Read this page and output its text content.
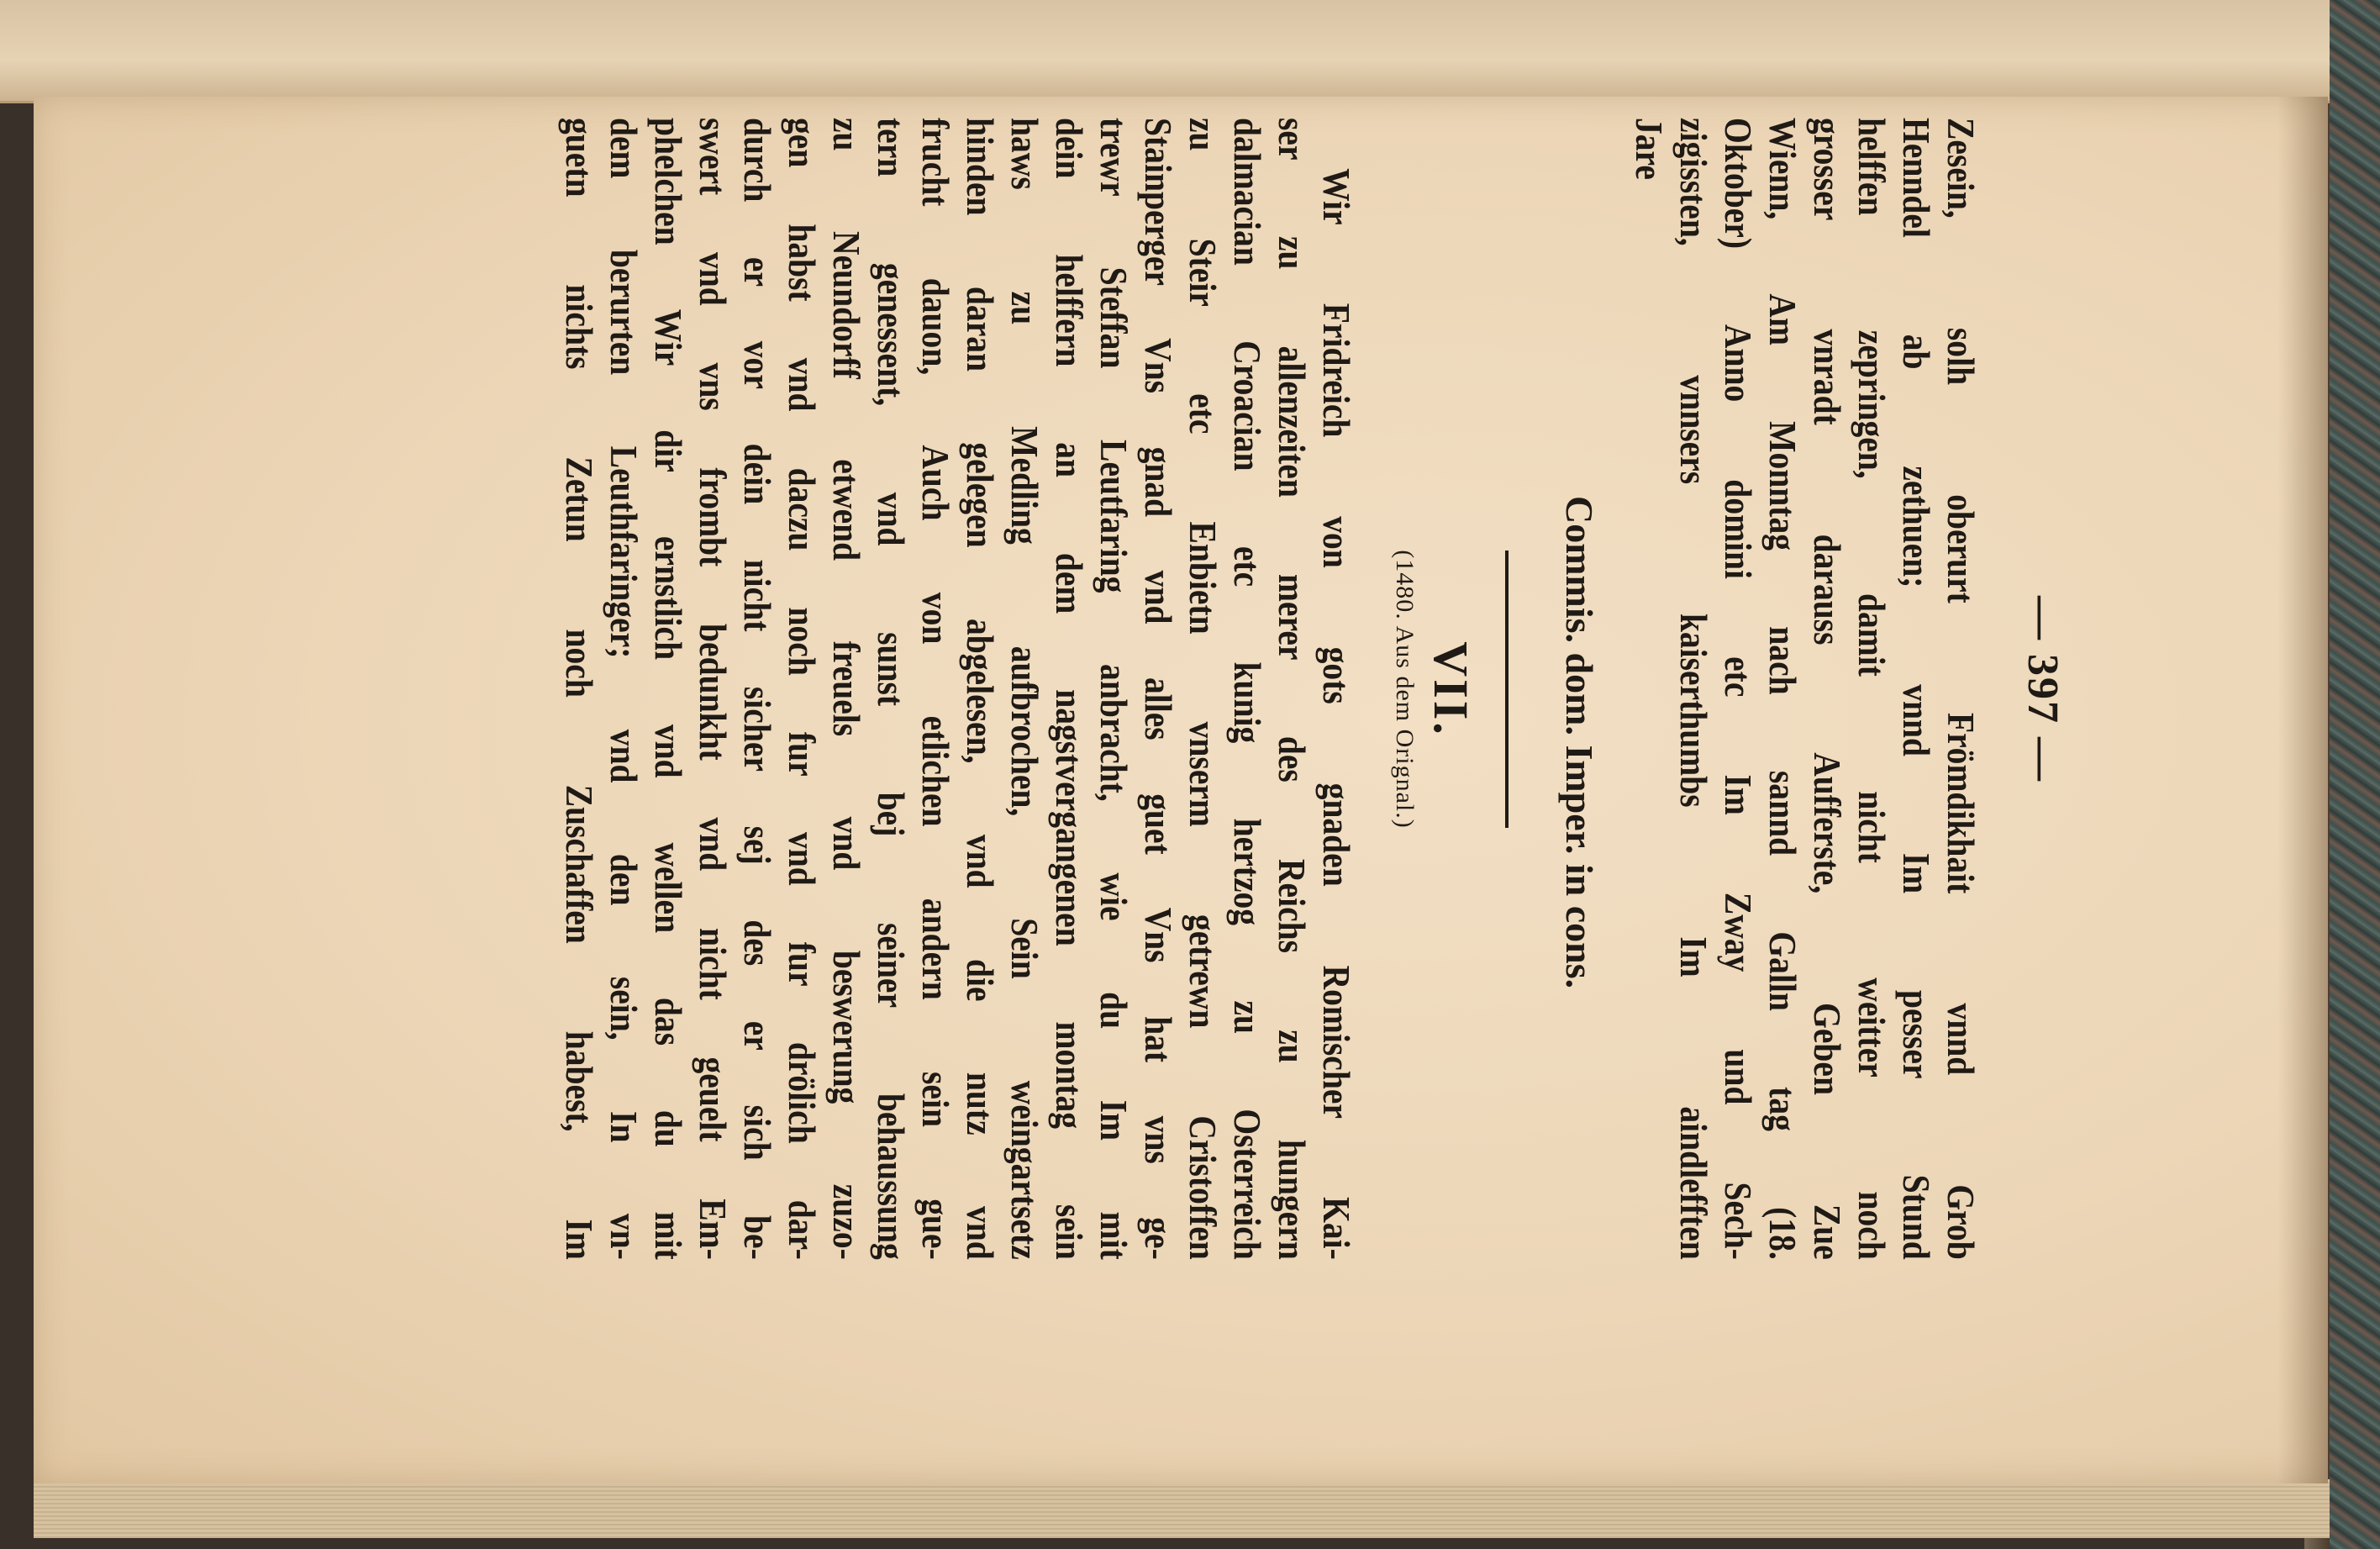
— 397 —
Zesein, solh oberurt Frömdikhait vnnd Grob
Henndel ab zethuen; vnnd Im pesser Stund
helffen zepringen, damit nicht weitter noch
grosser vnradt darauss Aufferste, Geben Zue
Wienn, Am Monntag nach sannd Galln tag (18.
Oktober) Anno domini etc Im Zway und Sech-
zigissten, vnnsers kaiserthumbs Im aindlefften
Jare
Commis. dom. Imper. in cons.
VII.
(1480. Aus dem Orignal.)
Wir Fridreich von gots gnaden Romischer Kai-
ser zu allenzeiten merer des Reichs zu hungern
dalmacian Croacian etc kunig hertzog zu Osterreich
zu Steir etc Enbietn vnserm getrewn Cristoffen
Stainperger Vns gnad vnd alles guet Vns hat vns ge-
trewr Steffan Leutfaring anbracht, wie du Im mit
dein helffern an dem nagstvergangenen montag sein
haws zu Medling aufbrochen, Sein weingartsetz
hinden daran gelegen abgelesen, vnd die nutz vnd
frucht dauon, Auch von etlichen andern sein gue-
tern genessent, vnd sunst bej seiner behaussung
zu Neundorff etwend freuels vnd beswerung zuzo-
gen habst vnd daczu noch fur vnd fur drölich dar-
durch er vor dein nicht sicher sej des er sich be-
swert vnd vns frombt bedunkht vnd nicht geuelt Em-
phelchen Wir dir ernstlich vnd wellen das du mit
dem berurten Leuthfaringer; vnd den sein, In vn-
guetn nichts Zetun noch Zuschaffen habest, Im
